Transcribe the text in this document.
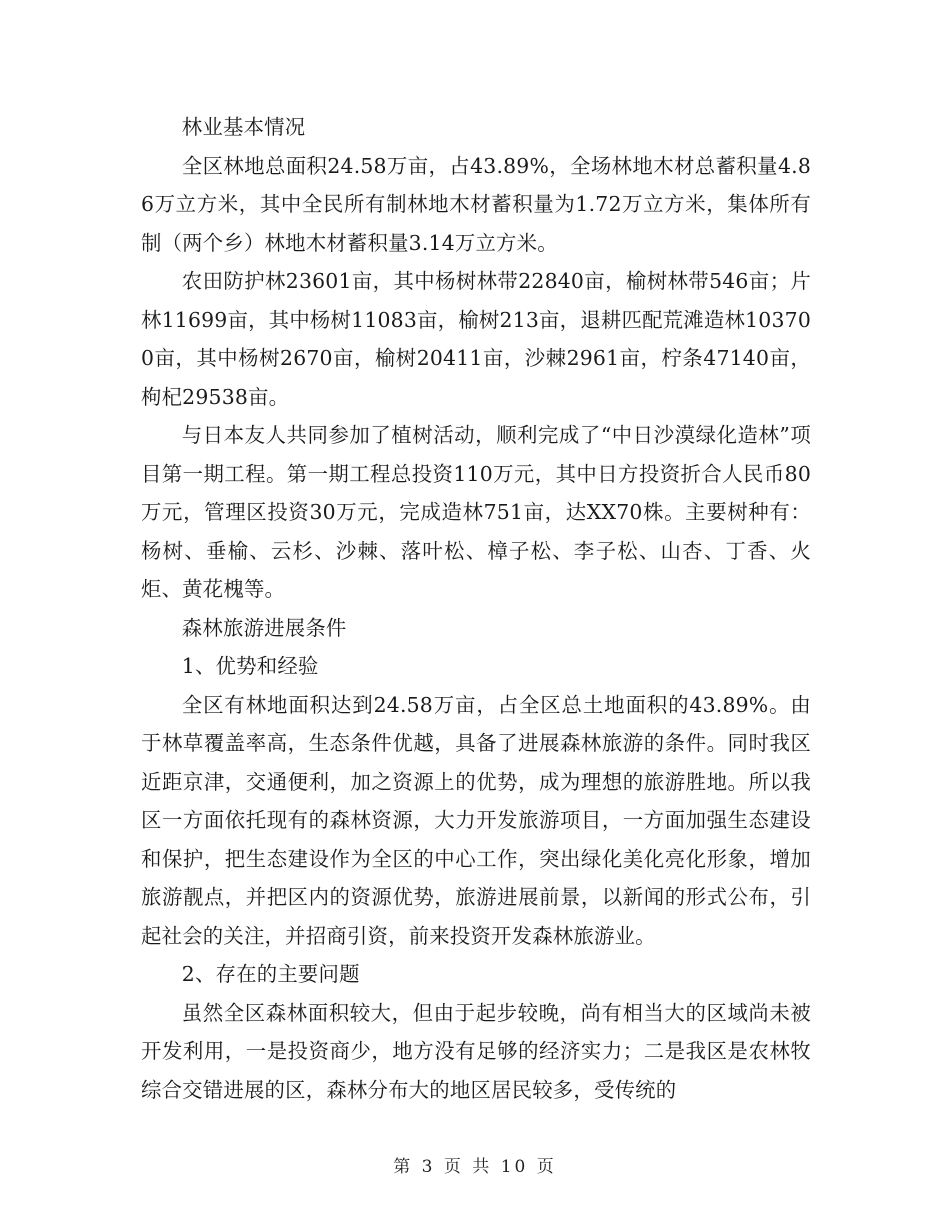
林业基本情况

全区林地总面积24.58万亩，占43.89%，全场林地木材总蓄积量4.86万立方米，其中全民所有制林地木材蓄积量为1.72万立方米，集体所有制（两个乡）林地木材蓄积量3.14万立方米。

农田防护林23601亩，其中杨树林带22840亩，榆树林带546亩；片林11699亩，其中杨树11083亩，榆树213亩，退耕匹配荒滩造林103700亩，其中杨树2670亩，榆树20411亩，沙棘2961亩，柠条47140亩，枸杞29538亩。

与日本友人共同参加了植树活动，顺利完成了“中日沙漠绿化造林”项目第一期工程。第一期工程总投资110万元，其中日方投资折合人民币80万元，管理区投资30万元，完成造林751亩，达XX70株。主要树种有：杨树、垂榆、云杉、沙棘、落叶松、樟子松、李子松、山杏、丁香、火炬、黄花槐等。

森林旅游进展条件

1、优势和经验

全区有林地面积达到24.58万亩，占全区总土地面积的43.89%。由于林草覆盖率高，生态条件优越，具备了进展森林旅游的条件。同时我区近距京津，交通便利，加之资源上的优势，成为理想的旅游胜地。所以我区一方面依托现有的森林资源，大力开发旅游项目，一方面加强生态建设和保护，把生态建设作为全区的中心工作，突出绿化美化亮化形象，增加旅游靓点，并把区内的资源优势，旅游进展前景，以新闻的形式公布，引起社会的关注，并招商引资，前来投资开发森林旅游业。

2、存在的主要问题

虽然全区森林面积较大，但由于起步较晚，尚有相当大的区域尚未被开发利用，一是投资商少，地方没有足够的经济实力；二是我区是农林牧综合交错进展的区，森林分布大的地区居民较多，受传统的

第 3 页 共 10 页
